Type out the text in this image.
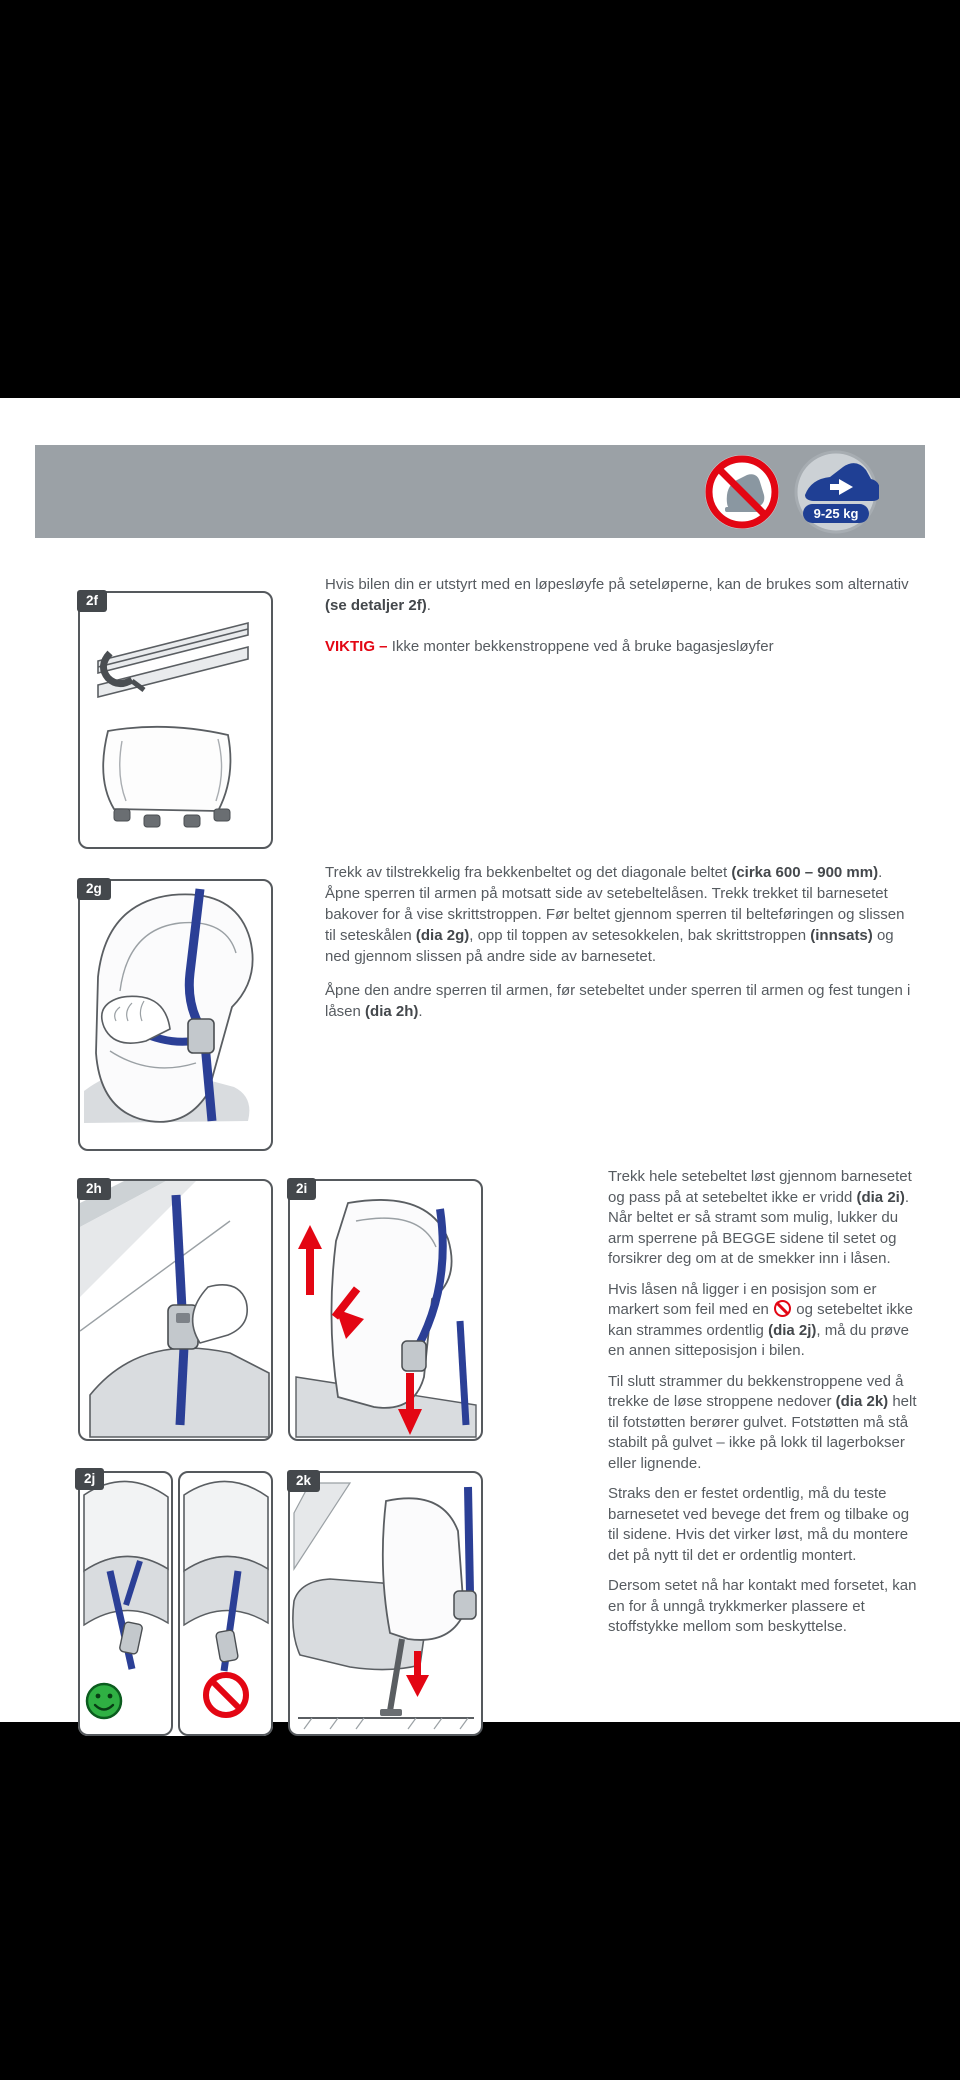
9-25 kg
2f

Hvis bilen din er utstyrt med en løpesløyfe på seteløperne, kan de brukes som alternativ (se detaljer 2f).

VIKTIG – Ikke monter bekkenstroppene ved å bruke bagasjesløyfer

2g

Trekk av tilstrekkelig fra bekkenbeltet og det diagonale beltet (cirka 600 – 900 mm). Åpne sperren til armen på motsatt side av setebeltelåsen. Trekk trekket til barnesetet bakover for å vise skrittstroppen. Før beltet gjennom sperren til belteføringen og slissen til seteskålen (dia 2g), opp til toppen av setesokkelen, bak skrittstroppen (innsats) og ned gjennom slissen på andre side av barnesetet.

Åpne den andre sperren til armen, før setebeltet under sperren til armen og fest tungen i låsen (dia 2h).

2h	2i

Trekk hele setebeltet løst gjennom barnesetet og pass på at setebeltet ikke er vridd (dia 2i). Når beltet er så stramt som mulig, lukker du arm sperrene på BEGGE sidene til setet og forsikrer deg om at de smekker inn i låsen.

Hvis låsen nå ligger i en posisjon som er markert som feil med en  og setebeltet ikke kan strammes ordentlig (dia 2j), må du prøve en annen sitteposisjon i bilen.

Til slutt strammer du bekkenstroppene ved å trekke de løse stroppene nedover (dia 2k) helt til fotstøtten berører gulvet. Fotstøtten må stå stabilt på gulvet – ikke på lokk til lagerbokser eller lignende.

Straks den er festet ordentlig, må du teste barnesetet ved bevege det frem og tilbake og til sidene. Hvis det virker løst, må du montere det på nytt til det er ordentlig montert.

Dersom setet nå har kontakt med forsetet, kan en for å unngå trykkmerker plassere et stoffstykke mellom som beskyttelse.

2j	2k
